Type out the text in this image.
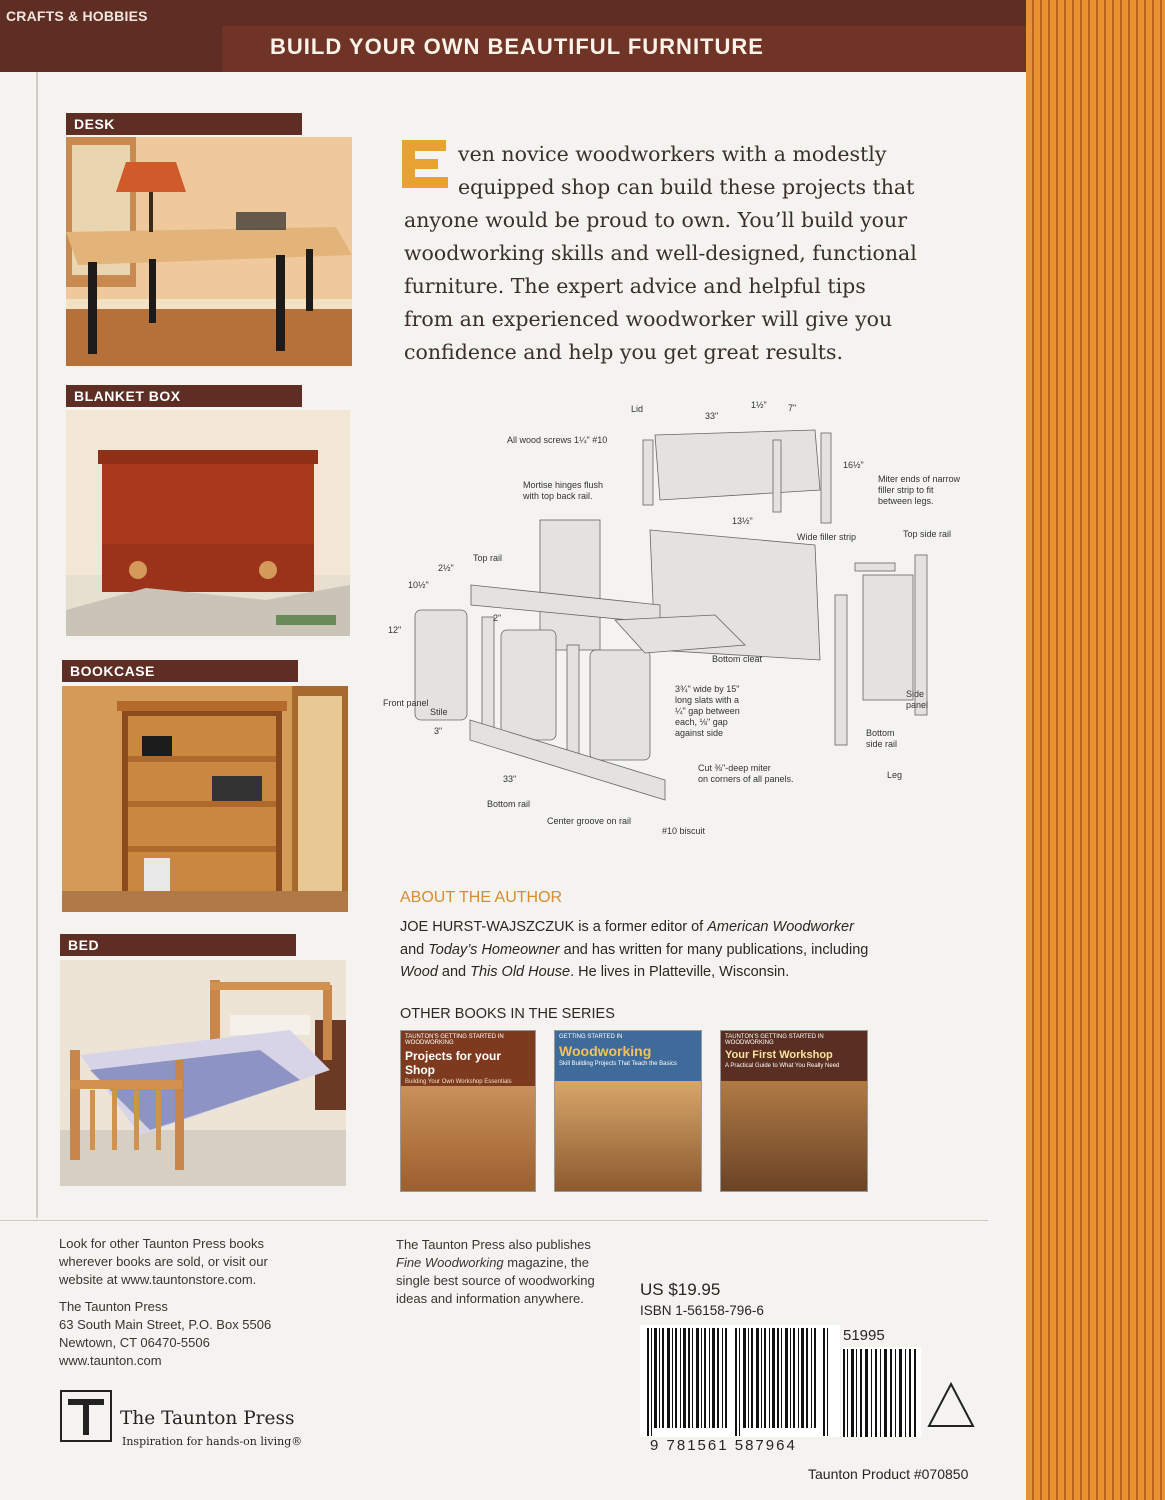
CRAFTS & HOBBIES
BUILD YOUR OWN BEAUTIFUL FURNITURE
DESK
BLANKET BOX
BOOKCASE
BED
ven novice woodworkers with a modestly
equipped shop can build these projects that
anyone would be proud to own. You’ll build your
woodworking skills and well-designed, functional
furniture. The expert advice and helpful tips
from an experienced woodworker will give you
confidence and help you get great results.
Lid
33"
1½" 7"
All wood screws 1¼" #10
16½"
13½"
Mortise hinges flush
with top back rail.
Miter ends of narrow
filler strip to fit
between legs.
Wide filler strip	Top side rail
Top rail
2½"
10½"
2"
12"
Bottom cleat
Front panel
Stile
3"
3¾" wide by 15"
long slats with a
¼" gap between
each, ⅛" gap
against side
Side
panel
Bottom
side rail
Cut ⅜"-deep miter
on corners of all panels.	Leg
33"
Bottom rail
Center groove on rail
#10 biscuit
ABOUT THE AUTHOR
JOE HURST-WAJSZCZUK is a former editor of American Woodworker
and Today’s Homeowner and has written for many publications, including
Wood and This Old House. He lives in Platteville, Wisconsin.
OTHER BOOKS IN THE SERIES
TAUNTON'S GETTING STARTED IN WOODWORKING
Projects for your Shop
Building Your Own Workshop Essentials
GETTING STARTED IN
Woodworking
Skill Building Projects That Teach the Basics
TAUNTON'S GETTING STARTED IN WOODWORKING
Your First Workshop
A Practical Guide to What You Really Need
Look for other Taunton Press books
wherever books are sold, or visit our
website at www.tauntonstore.com.
The Taunton Press
63 South Main Street, P.O. Box 5506
Newtown, CT 06470-5506
www.taunton.com
The Taunton Press
Inspiration for hands-on living®
The Taunton Press also publishes
Fine Woodworking magazine, the
single best source of woodworking
ideas and information anywhere.	US $19.95
ISBN 1-56158-796-6
51995
9 781561 587964
Taunton Product #070850
